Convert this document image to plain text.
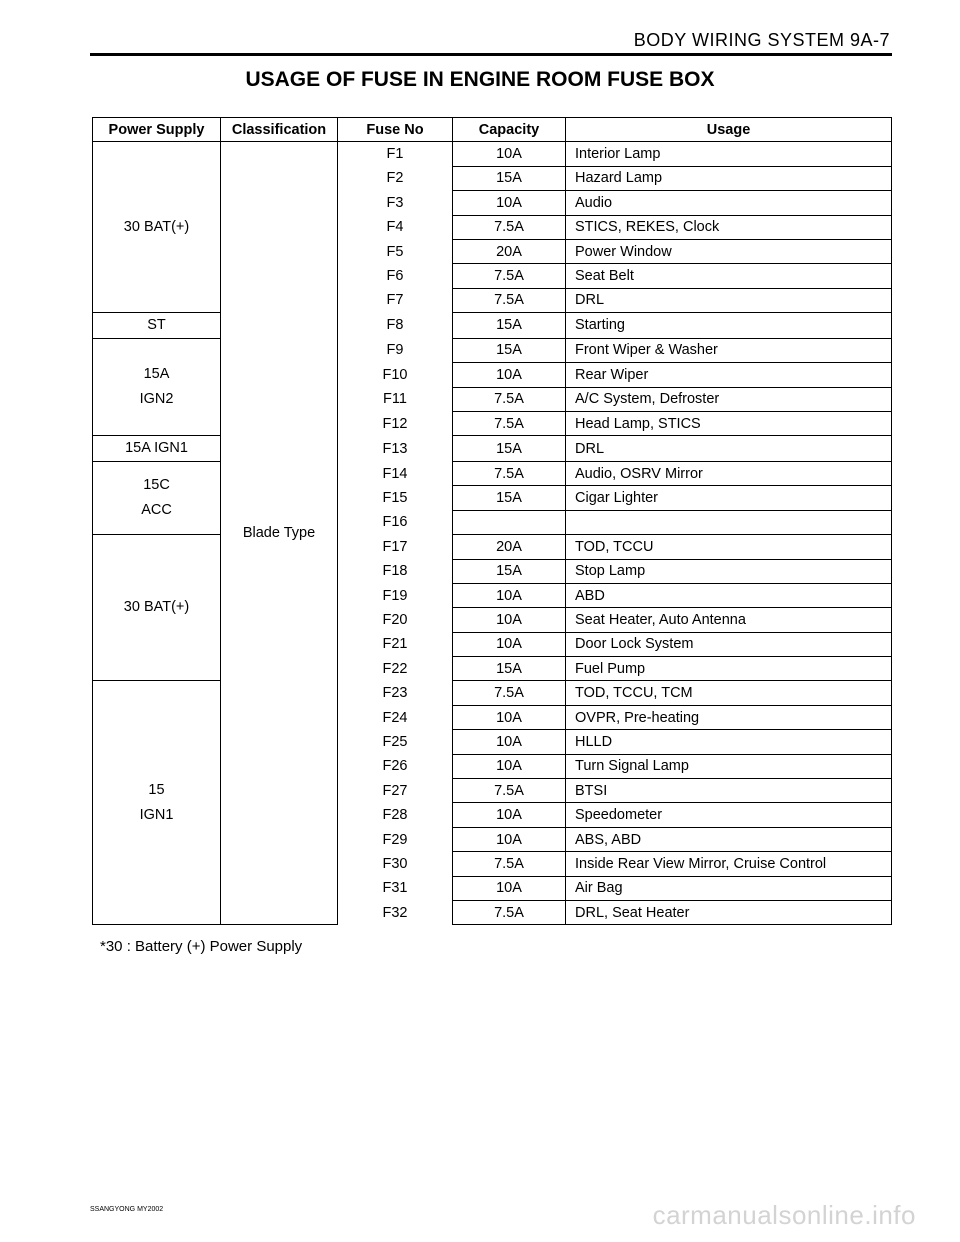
BODY WIRING SYSTEM 9A-7
USAGE OF FUSE IN ENGINE ROOM FUSE BOX
Power Supply	Classification	Fuse No	Capacity	Usage
30 BAT(+)	Blade Type	F1	10A	Interior Lamp
		F2	15A	Hazard Lamp
		F3	10A	Audio
		F4	7.5A	STICS, REKES, Clock
		F5	20A	Power Window
		F6	7.5A	Seat Belt
		F7	7.5A	DRL
ST		F8	15A	Starting
15A
IGN2		F9	15A	Front Wiper & Washer
		F10	10A	Rear Wiper
		F11	7.5A	A/C System, Defroster
		F12	7.5A	Head Lamp, STICS
15A IGN1		F13	15A	DRL
15C
ACC		F14	7.5A	Audio, OSRV Mirror
		F15	15A	Cigar Lighter
		F16		
30 BAT(+)		F17	20A	TOD, TCCU
		F18	15A	Stop Lamp
		F19	10A	ABD
		F20	10A	Seat Heater, Auto Antenna
		F21	10A	Door Lock System
		F22	15A	Fuel Pump
15
IGN1		F23	7.5A	TOD, TCCU, TCM
		F24	10A	OVPR, Pre-heating
		F25	10A	HLLD
		F26	10A	Turn Signal Lamp
		F27	7.5A	BTSI
		F28	10A	Speedometer
		F29	10A	ABS, ABD
		F30	7.5A	Inside Rear View Mirror, Cruise Control
		F31	10A	Air Bag
		F32	7.5A	DRL, Seat Heater
*30 : Battery (+) Power Supply
SSANGYONG MY2002	carmanualsonline.info
